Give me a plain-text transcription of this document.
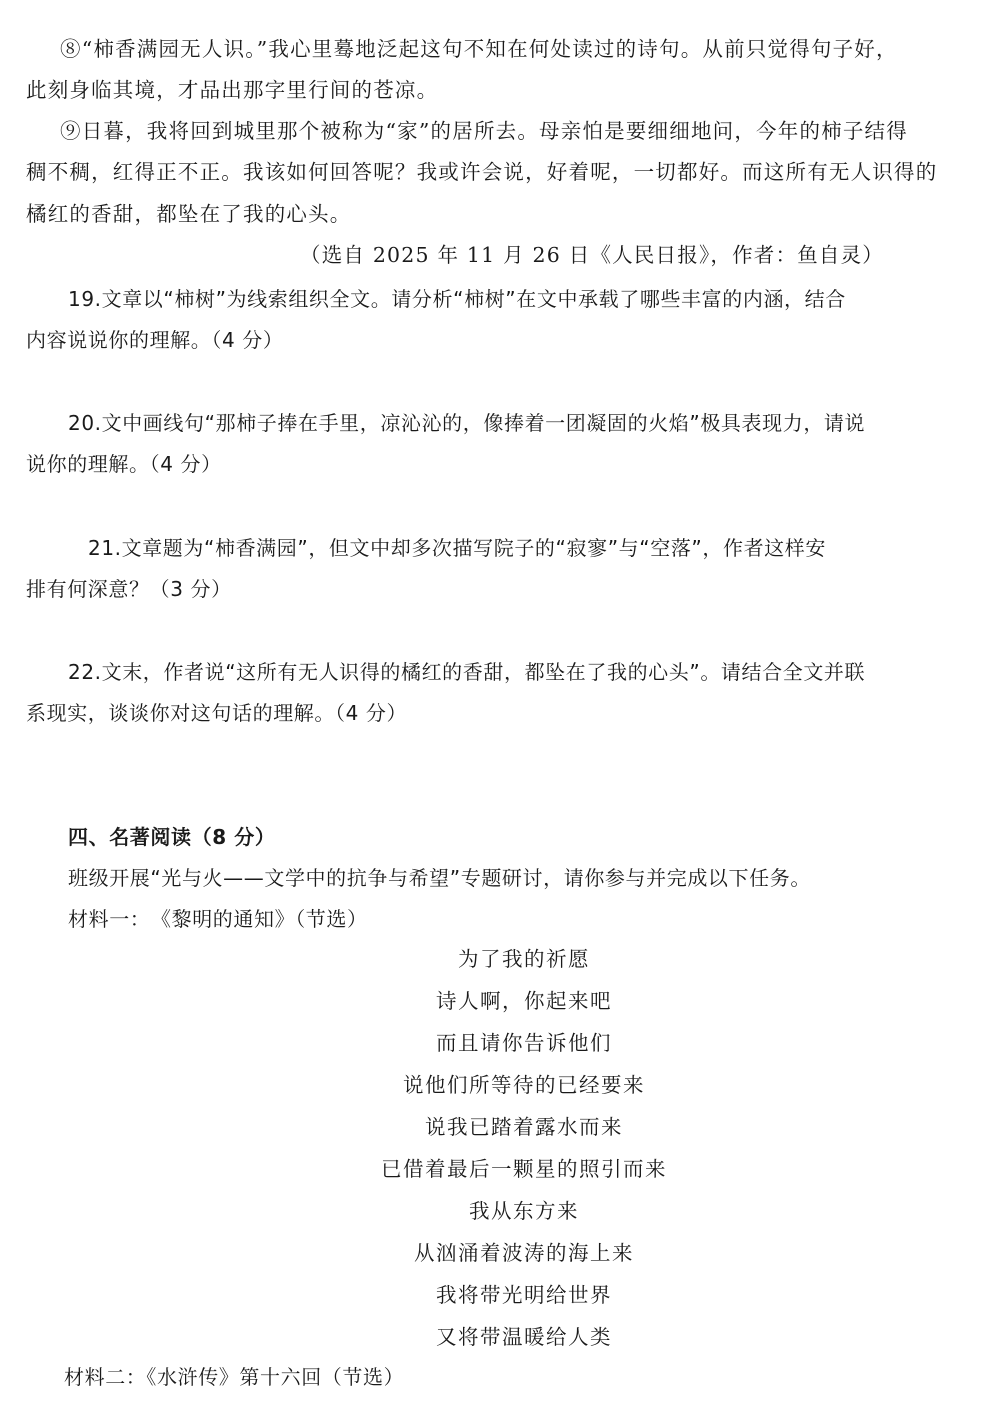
⑧“柿香满园无人识。”我心里蓦地泛起这句不知在何处读过的诗句。从前只觉得句子好，
此刻身临其境，才品出那字里行间的苍凉。
⑨日暮，我将回到城里那个被称为“家”的居所去。母亲怕是要细细地问，今年的柿子结得
稠不稠，红得正不正。我该如何回答呢？我或许会说，好着呢，一切都好。而这所有无人识得的
橘红的香甜，都坠在了我的心头。
（选自 2025 年 11 月 26 日《人民日报》，作者：鱼自灵）
19.文章以“柿树”为线索组织全文。请分析“柿树”在文中承载了哪些丰富的内涵，结合
内容说说你的理解。（4 分）
20.文中画线句“那柿子捧在手里，凉沁沁的，像捧着一团凝固的火焰”极具表现力，请说
说你的理解。（4 分）
21.文章题为“柿香满园”，但文中却多次描写院子的“寂寥”与“空落”，作者这样安
排有何深意？（3 分）
22.文末，作者说“这所有无人识得的橘红的香甜，都坠在了我的心头”。请结合全文并联
系现实，谈谈你对这句话的理解。（4 分）
四、名著阅读（8 分）
班级开展“光与火——文学中的抗争与希望”专题研讨，请你参与并完成以下任务。
材料一：　《黎明的通知》（节选）
为了我的祈愿
诗人啊，你起来吧
而且请你告诉他们
说他们所等待的已经要来
说我已踏着露水而来
已借着最后一颗星的照引而来
我从东方来
从汹涌着波涛的海上来
我将带光明给世界
又将带温暖给人类
材料二：《水浒传》第十六回（节选）
